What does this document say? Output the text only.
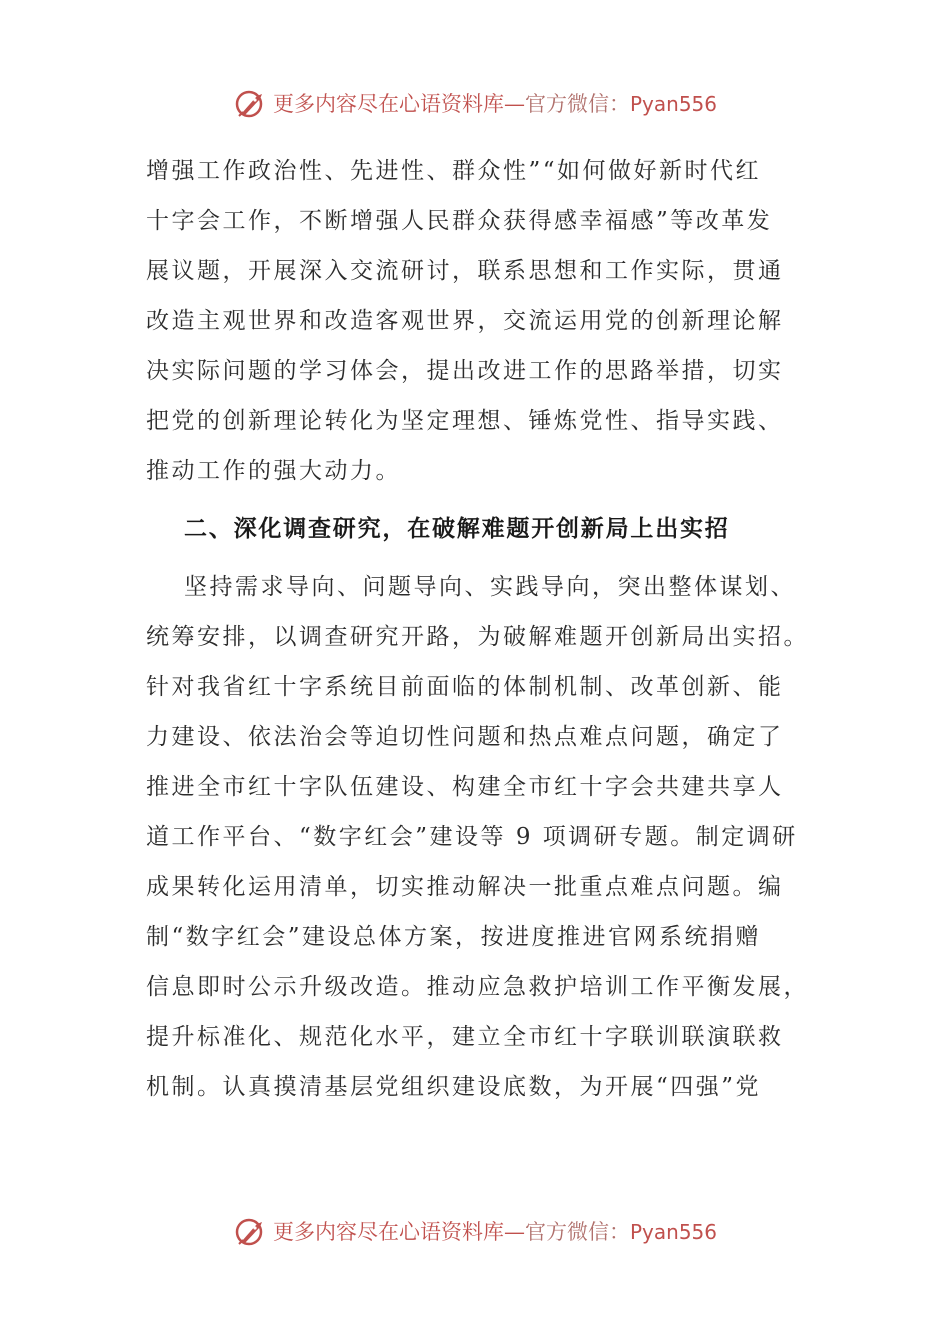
更多内容尽在心语资料库—官方微信：Pyan556
增强工作政治性、先进性、群众性”“如何做好新时代红
十字会工作，不断增强人民群众获得感幸福感”等改革发
展议题，开展深入交流研讨，联系思想和工作实际，贯通
改造主观世界和改造客观世界，交流运用党的创新理论解
决实际问题的学习体会，提出改进工作的思路举措，切实
把党的创新理论转化为坚定理想、锤炼党性、指导实践、
推动工作的强大动力。
二、深化调查研究，在破解难题开创新局上出实招
坚持需求导向、问题导向、实践导向，突出整体谋划、
统筹安排，以调查研究开路，为破解难题开创新局出实招。
针对我省红十字系统目前面临的体制机制、改革创新、能
力建设、依法治会等迫切性问题和热点难点问题，确定了
推进全市红十字队伍建设、构建全市红十字会共建共享人
道工作平台、“数字红会”建设等 9 项调研专题。制定调研
成果转化运用清单，切实推动解决一批重点难点问题。编
制“数字红会”建设总体方案，按进度推进官网系统捐赠
信息即时公示升级改造。推动应急救护培训工作平衡发展，
提升标准化、规范化水平，建立全市红十字联训联演联救
机制。认真摸清基层党组织建设底数，为开展“四强”党
更多内容尽在心语资料库—官方微信：Pyan556
